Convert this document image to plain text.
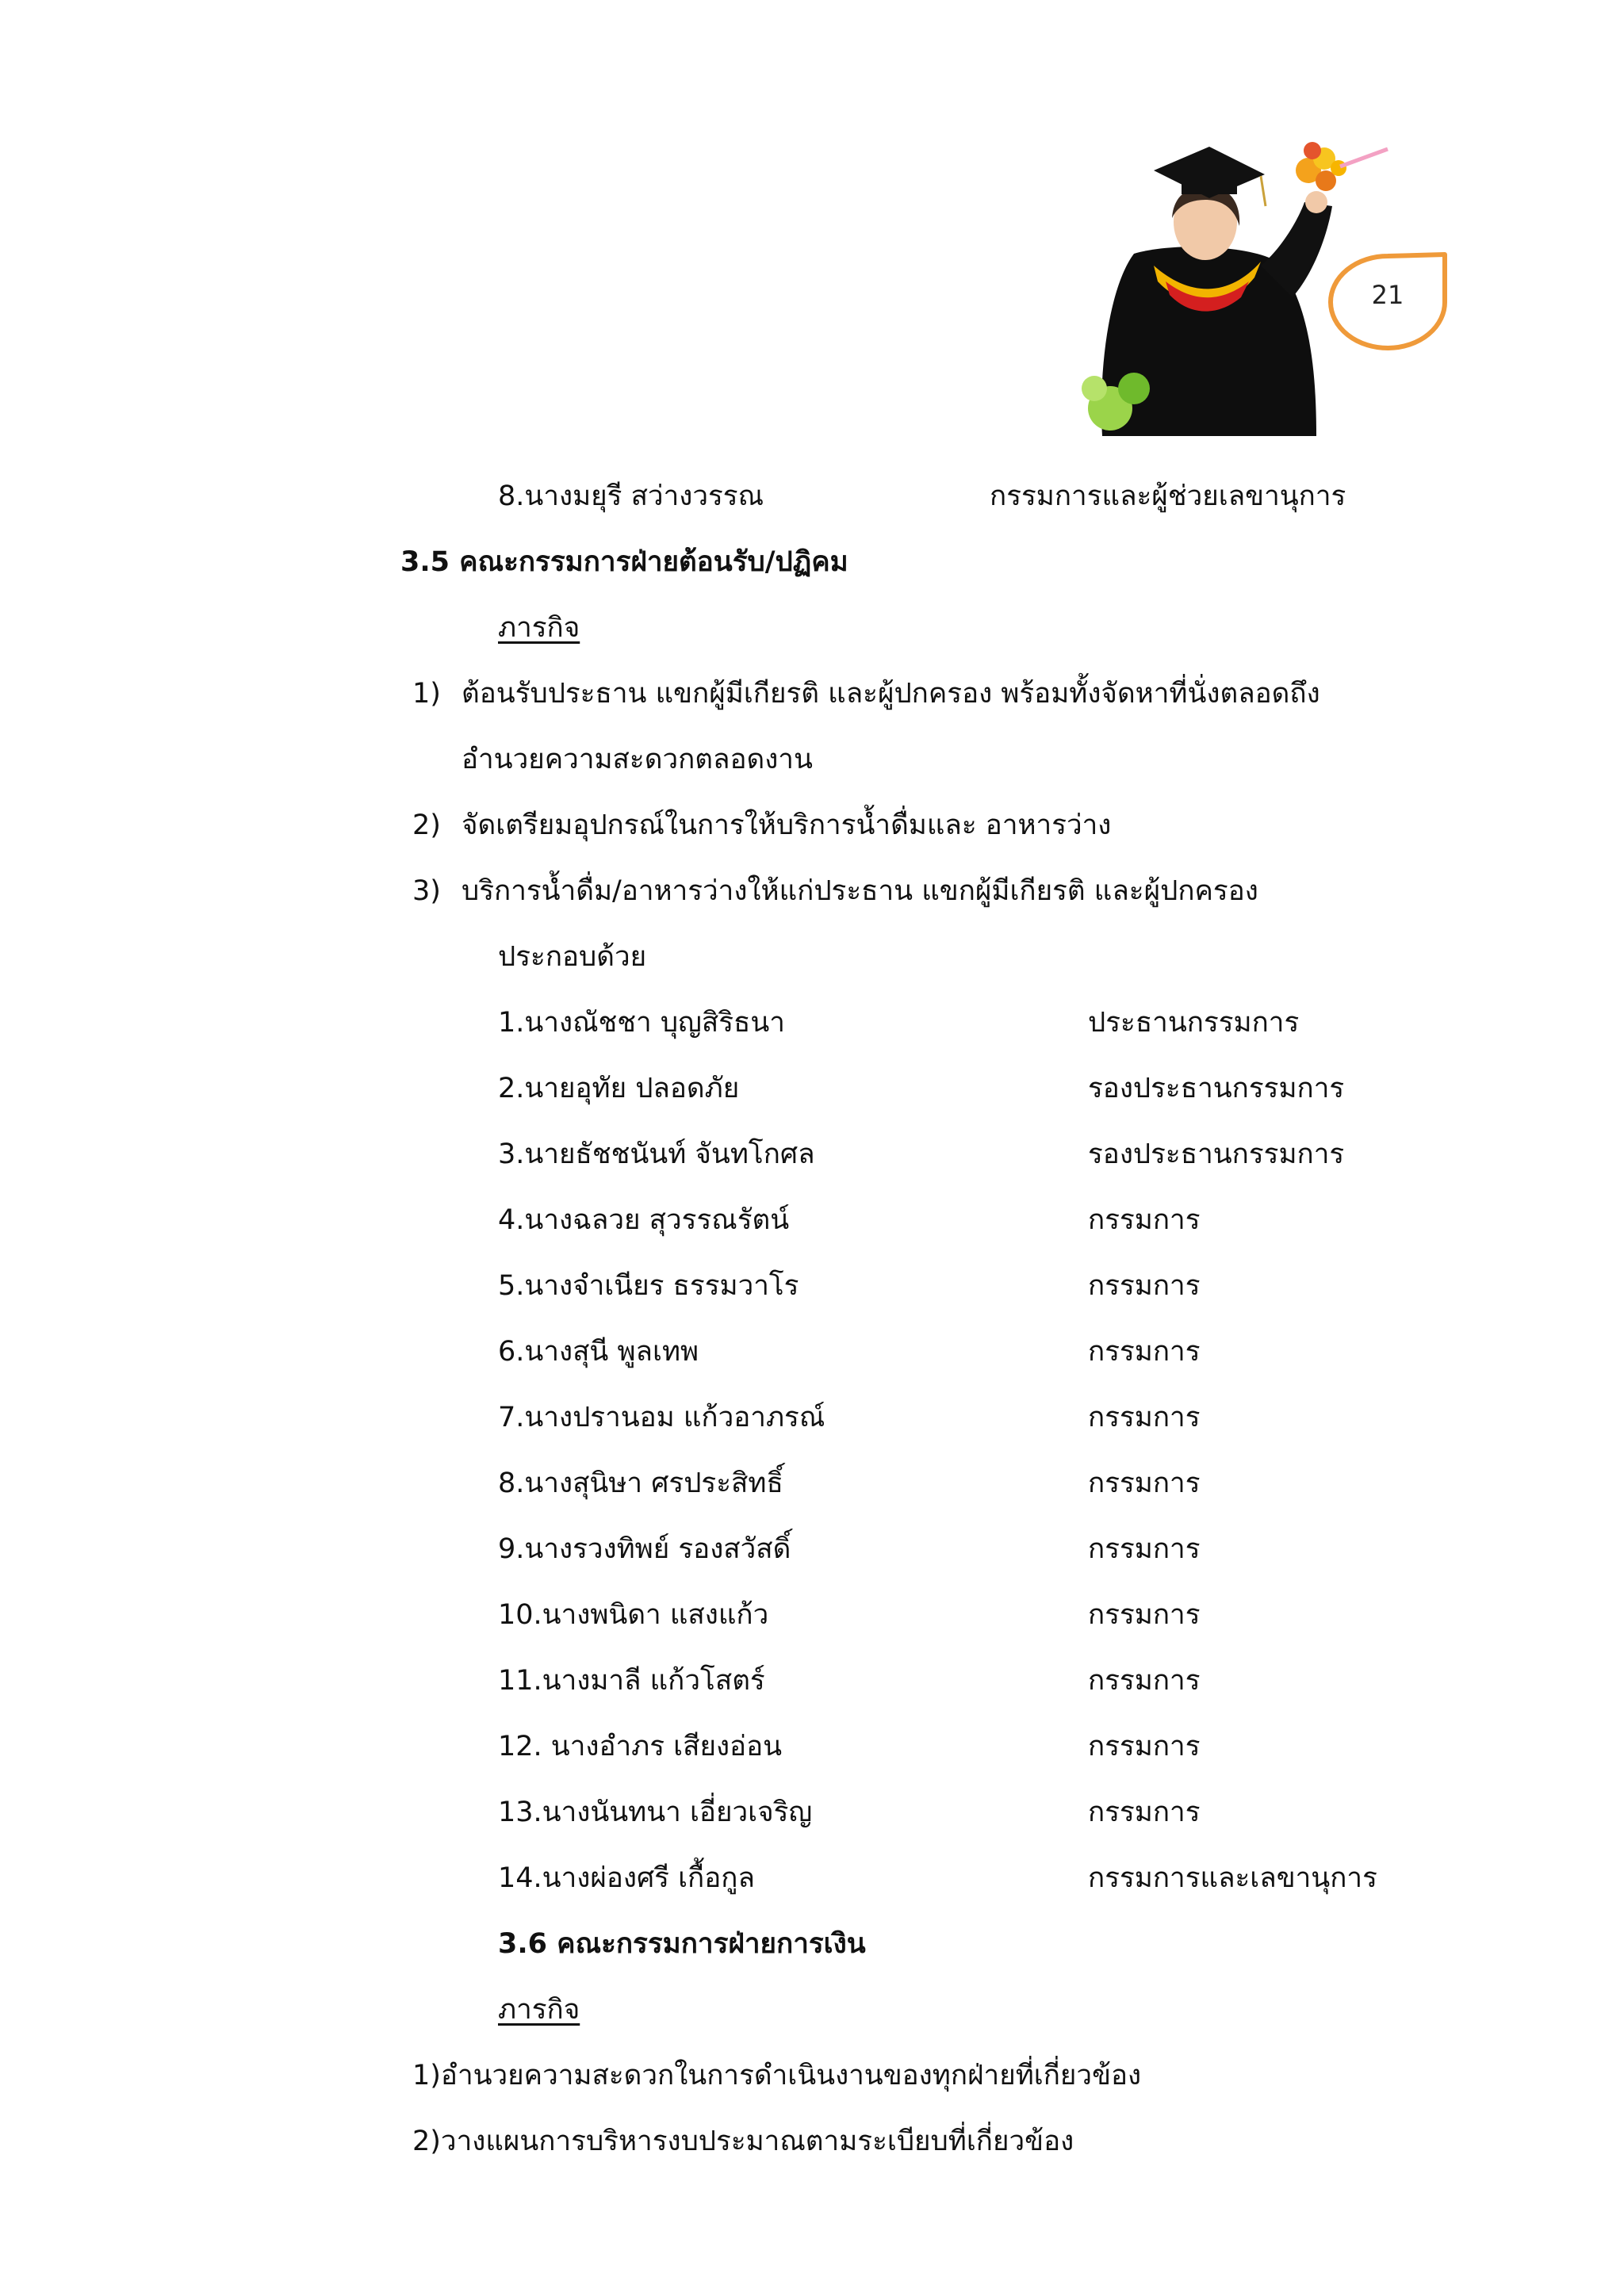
21
8.นางมยุรี สว่างวรรณ	กรรมการและผู้ช่วยเลขานุการ
3.5 คณะกรรมการฝ่ายต้อนรับ/ปฏิคม
ภารกิจ
1) ต้อนรับประธาน แขกผู้มีเกียรติ และผู้ปกครอง พร้อมทั้งจัดหาที่นั่งตลอดถึง
อำนวยความสะดวกตลอดงาน
2) จัดเตรียมอุปกรณ์ในการให้บริการน้ำดื่มและ อาหารว่าง
3) บริการน้ำดื่ม/อาหารว่างให้แก่ประธาน แขกผู้มีเกียรติ และผู้ปกครอง
ประกอบด้วย
1.นางณัชชา บุญสิริธนา	ประธานกรรมการ
2.นายอุทัย ปลอดภัย	รองประธานกรรมการ
3.นายธัชชนันท์ จันทโกศล	รองประธานกรรมการ
4.นางฉลวย สุวรรณรัตน์	กรรมการ
5.นางจำเนียร ธรรมวาโร	กรรมการ
6.นางสุนี พูลเทพ	กรรมการ
7.นางปรานอม แก้วอาภรณ์	กรรมการ
8.นางสุนิษา ศรประสิทธิ์	กรรมการ
9.นางรวงทิพย์ รองสวัสดิ์	กรรมการ
10.นางพนิดา แสงแก้ว	กรรมการ
11.นางมาลี แก้วโสตร์	กรรมการ
12. นางอำภร เสียงอ่อน	กรรมการ
13.นางนันทนา เอี่ยวเจริญ	กรรมการ
14.นางผ่องศรี เกื้อกูล	กรรมการและเลขานุการ
3.6 คณะกรรมการฝ่ายการเงิน
ภารกิจ
1)อำนวยความสะดวกในการดำเนินงานของทุกฝ่ายที่เกี่ยวข้อง
2)วางแผนการบริหารงบประมาณตามระเบียบที่เกี่ยวข้อง
